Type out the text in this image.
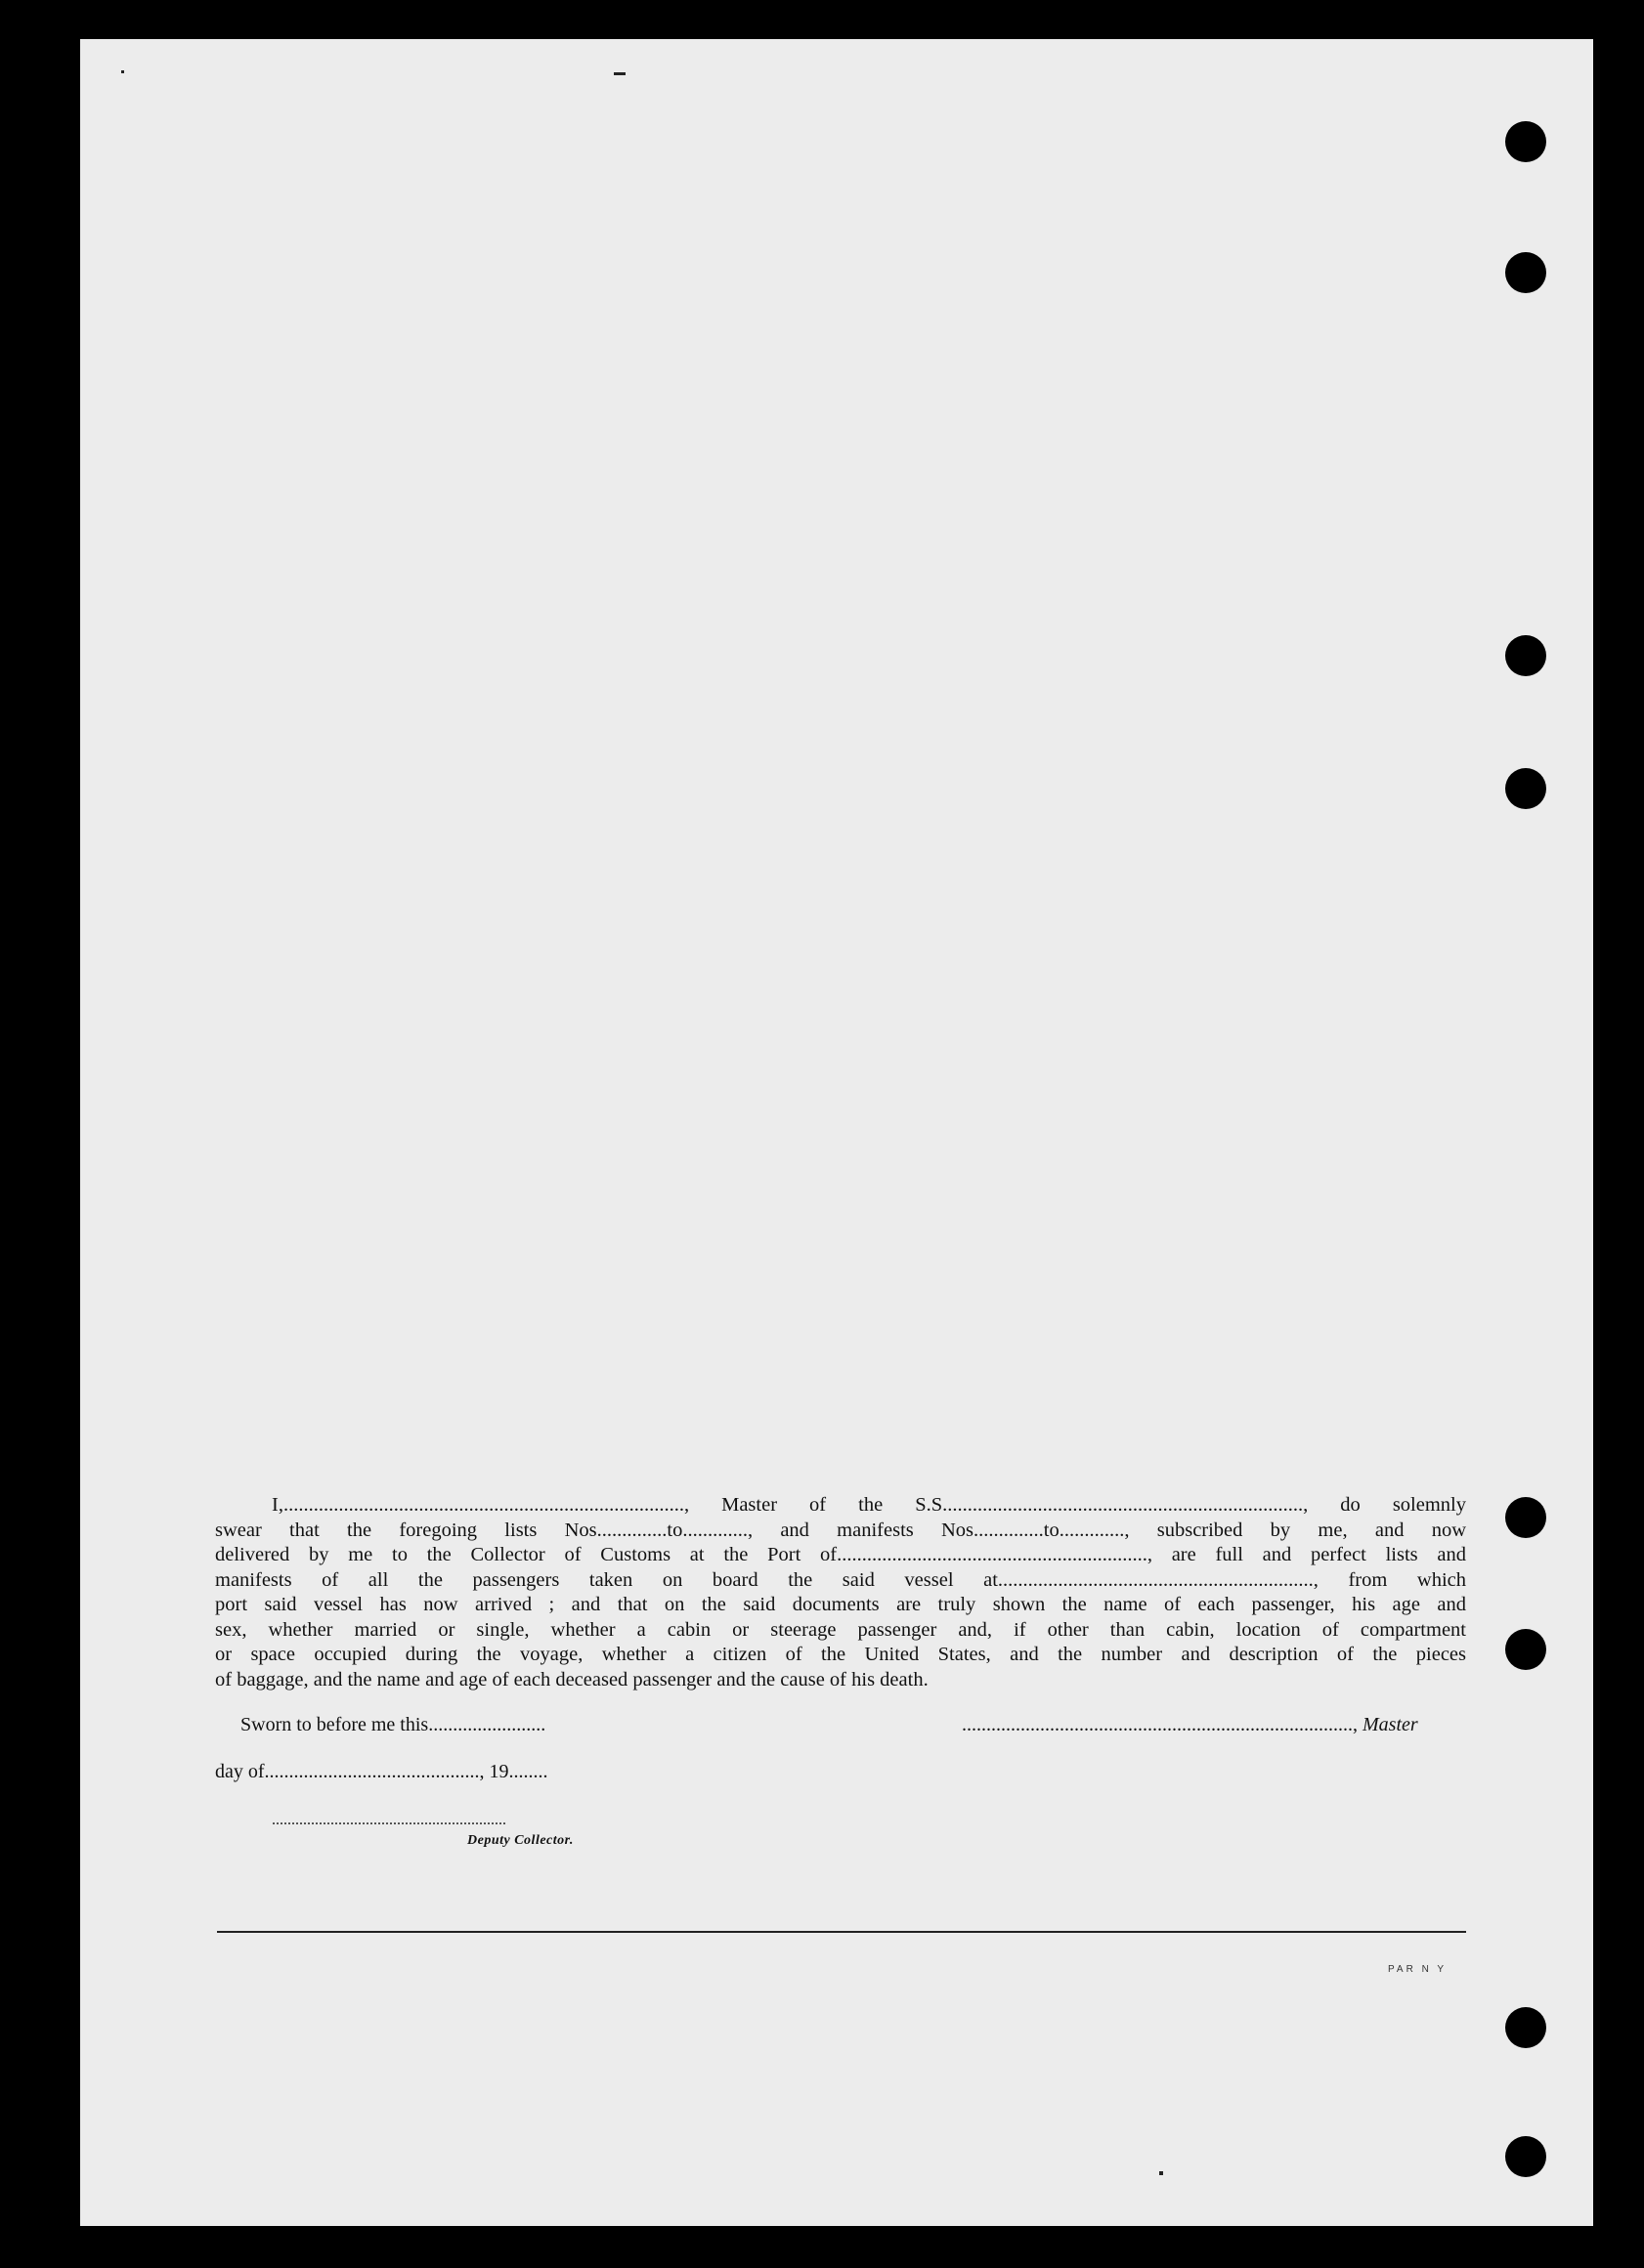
I,................................................................................, Master of the S.S........................................................................, do solemnly
swear that the foregoing lists Nos..............to............., and manifests Nos..............to............., subscribed by me, and now
delivered by me to the Collector of Customs at the Port of.............................................................., are full and perfect lists and
manifests of all the passengers taken on board the said vessel at..............................................................., from which
port said vessel has now arrived ; and that on the said documents are truly shown the name of each passenger, his age and
sex, whether married or single, whether a cabin or steerage passenger and, if other than cabin, location of compartment
or space occupied during the voyage, whether a citizen of the United States, and the number and description of the pieces
of baggage, and the name and age of each deceased passenger and the cause of his death.
Sworn to before me this........................	................................................................................, Master
day of............................................, 19........
............................................................
Deputy Collector.
PAR N Y
